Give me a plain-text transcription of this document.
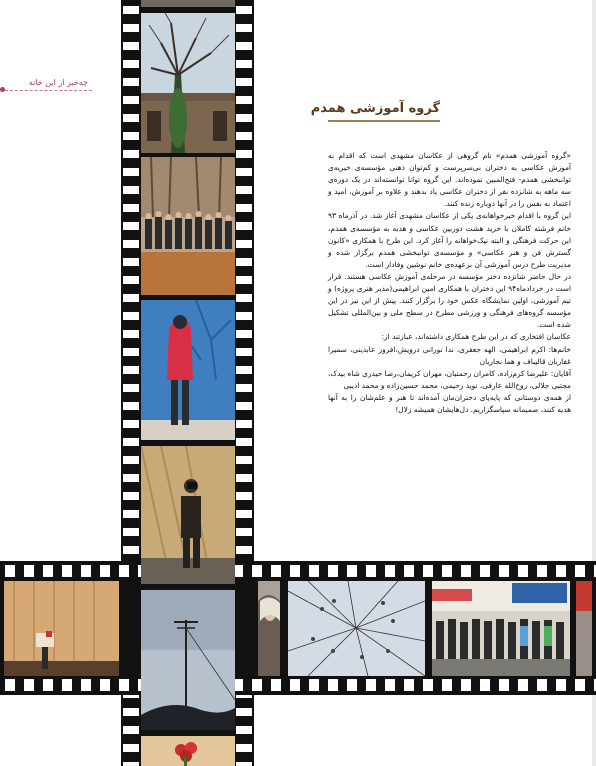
چه‌خبر از این خانه
گروه آموزشی همدم

«گروه آموزشی همدم» نام گروهی از عکاسان مشهدی است که اقدام به آموزش عکاسی به دختران بی‌سرپرست و کم‌توان ذهنی مؤسسه‌ی خیریه‌ی توانبخشی همدم- فتح‌المبین نموده‌اند. این گروه توانا توانسته‌اند در یک دوره‌ی سه ماهه به شانزده نفر از دختران عکاسی یاد بدهند و علاوه بر آموزش، امید و اعتماد به نفس را در آنها دوباره زنده کنند.

این گروه با اقدام خیرخواهانه‌ی یکی از عکاسان مشهدی آغاز شد. در آذرماه ۹۳ خانم فرشته کاملان با خرید هشت دوربین عکاسی و هدیه به مؤسسه‌ی همدم، این حرکت فرهنگی و البته نیک‌خواهانه را آغاز کرد. این طرح با همکاری «کانون گسترش فن و هنر عکاسی» و مؤسسه‌ی توانبخشی همدم برگزار شده و مدیریت طرح درس آموزشی آن برعهده‌ی خانم نوشین وفادار است.

در حال حاضر شانزده دختر مؤسسه در مرحله‌ی آموزش عکاسی هستند. قرار است در خردادماه۹۴ این دختران با همکاری امین ابراهیمی(مدیر هنری پروژه) و تیم آموزشی، اولین نمایشگاه عکس خود را برگزار کنند. پیش از این نیز در این مؤسسه گروه‌های فرهنگی و ورزشی مطرح در سطح ملی و بین‌المللی تشکیل شده است.

عکاسان افتخاری که در این طرح همکاری داشته‌اند، عبارتند از:

خانم‌ها: اکرم ابراهیمی، الهه جعفری، ندا نورانی درویش،افروز عابدینی، سمیرا غفاریان قالیباف و هما نجاریان

آقایان: علیرضا کرم‌زاده، کامران رحمتیان، مهران کریمان،رضا حیدری شاه بیدک، مجتبی جلالی، روح‌الله عارفی، نوید رحیمی، محمد حسین‌زاده و محمد ادیبی

از همه‌ی دوستانی که پایه‌پای دختران‌مان آمده‌اند تا هنر و علم‌شان را به آنها هدیه کنند، صمیمانه سپاسگزاریم. دل‌هایشان همیشه زلال!
